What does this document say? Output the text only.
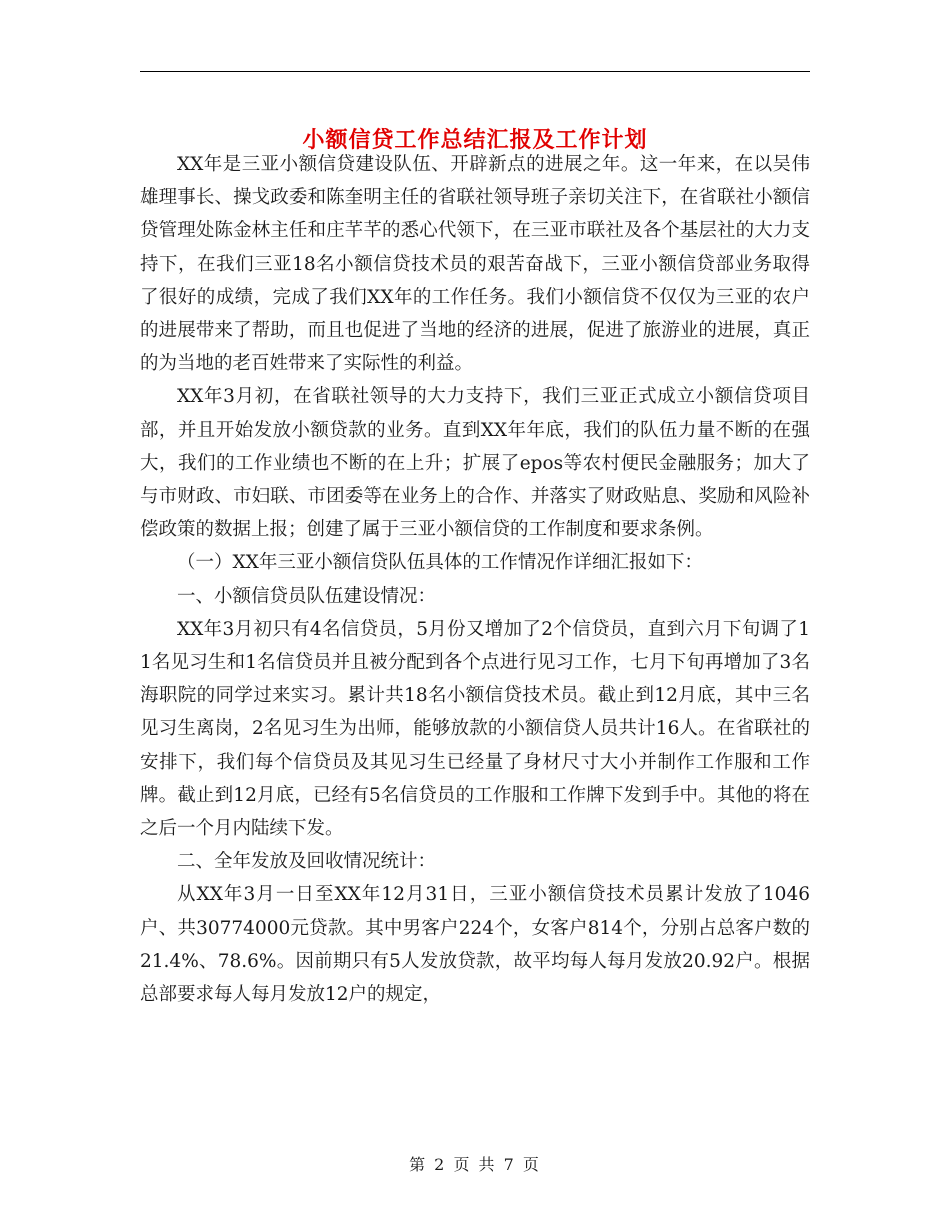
小额信贷工作总结汇报及工作计划

XX年是三亚小额信贷建设队伍、开辟新点的进展之年。这一年来，在以吴伟雄理事长、操戈政委和陈奎明主任的省联社领导班子亲切关注下，在省联社小额信贷管理处陈金林主任和庄芊芊的悉心代领下，在三亚市联社及各个基层社的大力支持下，在我们三亚18名小额信贷技术员的艰苦奋战下，三亚小额信贷部业务取得了很好的成绩，完成了我们XX年的工作任务。我们小额信贷不仅仅为三亚的农户的进展带来了帮助，而且也促进了当地的经济的进展，促进了旅游业的进展，真正的为当地的老百姓带来了实际性的利益。

XX年3月初，在省联社领导的大力支持下，我们三亚正式成立小额信贷项目部，并且开始发放小额贷款的业务。直到XX年年底，我们的队伍力量不断的在强大，我们的工作业绩也不断的在上升；扩展了epos等农村便民金融服务；加大了与市财政、市妇联、市团委等在业务上的合作、并落实了财政贴息、奖励和风险补偿政策的数据上报；创建了属于三亚小额信贷的工作制度和要求条例。

（一）XX年三亚小额信贷队伍具体的工作情况作详细汇报如下：

一、小额信贷员队伍建设情况：

XX年3月初只有4名信贷员，5月份又增加了2个信贷员，直到六月下旬调了11名见习生和1名信贷员并且被分配到各个点进行见习工作，七月下旬再增加了3名海职院的同学过来实习。累计共18名小额信贷技术员。截止到12月底，其中三名见习生离岗，2名见习生为出师，能够放款的小额信贷人员共计16人。在省联社的安排下，我们每个信贷员及其见习生已经量了身材尺寸大小并制作工作服和工作牌。截止到12月底，已经有5名信贷员的工作服和工作牌下发到手中。其他的将在之后一个月内陆续下发。

二、全年发放及回收情况统计：

从XX年3月一日至XX年12月31日，三亚小额信贷技术员累计发放了1046户、共30774000元贷款。其中男客户224个，女客户814个，分别占总客户数的21.4%、78.6%。因前期只有5人发放贷款，故平均每人每月发放20.92户。根据总部要求每人每月发放12户的规定，

第 2 页 共 7 页
